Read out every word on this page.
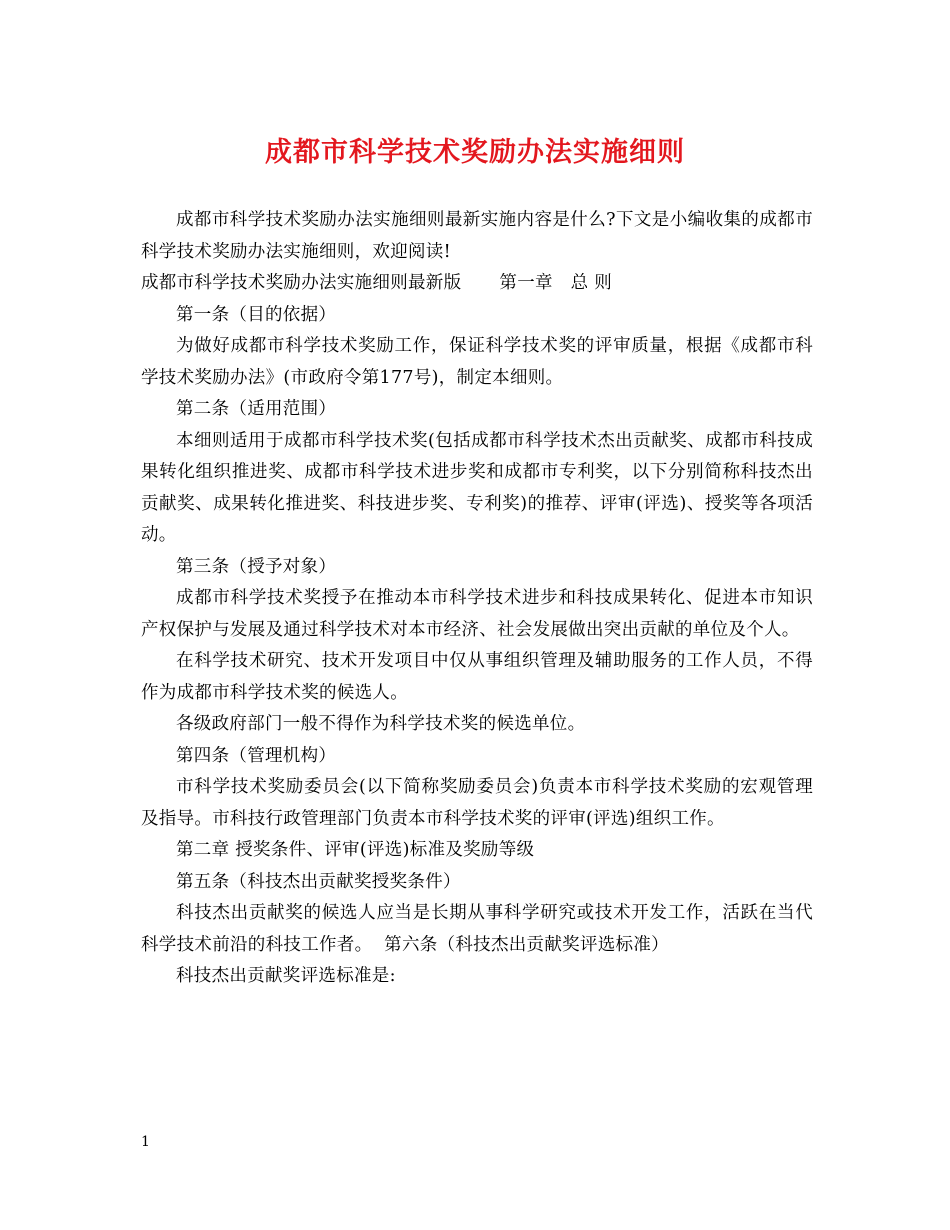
成都市科学技术奖励办法实施细则

成都市科学技术奖励办法实施细则最新实施内容是什么?下文是小编收集的成都市科学技术奖励办法实施细则，欢迎阅读!

成都市科学技术奖励办法实施细则最新版 第一章　总 则

第一条（目的依据）

为做好成都市科学技术奖励工作，保证科学技术奖的评审质量，根据《成都市科学技术奖励办法》(市政府令第177号)，制定本细则。

第二条（适用范围）

本细则适用于成都市科学技术奖(包括成都市科学技术杰出贡献奖、成都市科技成果转化组织推进奖、成都市科学技术进步奖和成都市专利奖，以下分别简称科技杰出贡献奖、成果转化推进奖、科技进步奖、专利奖)的推荐、评审(评选)、授奖等各项活动。

第三条（授予对象）

成都市科学技术奖授予在推动本市科学技术进步和科技成果转化、促进本市知识产权保护与发展及通过科学技术对本市经济、社会发展做出突出贡献的单位及个人。

在科学技术研究、技术开发项目中仅从事组织管理及辅助服务的工作人员，不得作为成都市科学技术奖的候选人。

各级政府部门一般不得作为科学技术奖的候选单位。

第四条（管理机构）

市科学技术奖励委员会(以下简称奖励委员会)负责本市科学技术奖励的宏观管理及指导。市科技行政管理部门负责本市科学技术奖的评审(评选)组织工作。

第二章 授奖条件、评审(评选)标准及奖励等级

第五条（科技杰出贡献奖授奖条件）

科技杰出贡献奖的候选人应当是长期从事科学研究或技术开发工作，活跃在当代科学技术前沿的科技工作者。 第六条（科技杰出贡献奖评选标准）

科技杰出贡献奖评选标准是:

1
